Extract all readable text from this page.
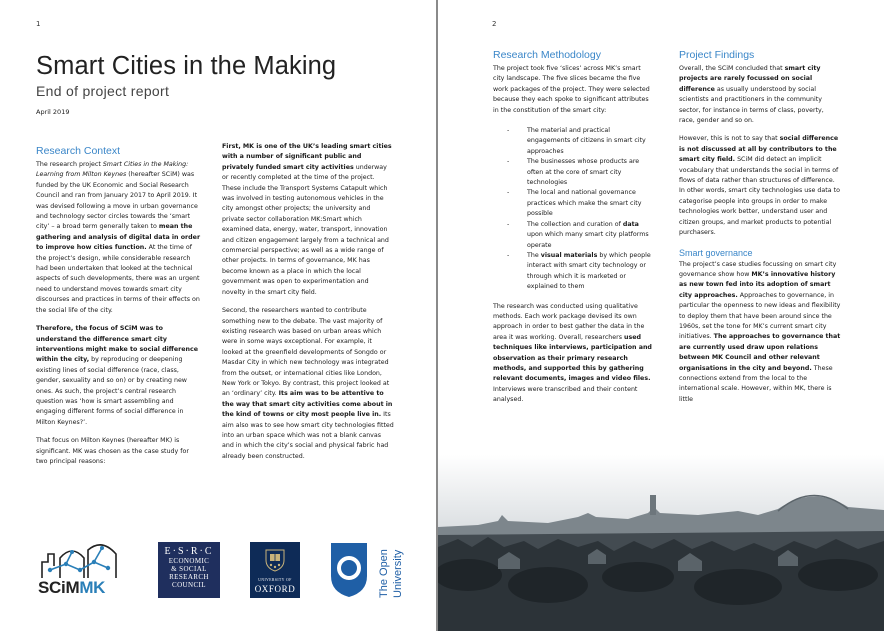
1
Smart Cities in the Making
End of project report
April 2019
Research Context

The research project Smart Cities in the Making: Learning from Milton Keynes (hereafter SCiM) was funded by the UK Economic and Social Research Council and ran from January 2017 to April 2019. It was devised following a move in urban governance and technology sector circles towards the ‘smart city’ – a broad term generally taken to mean the gathering and analysis of digital data in order to improve how cities function. At the time of the project’s design, while considerable research had been undertaken that looked at the technical aspects of such developments, there was an urgent need to understand moves towards smart city discourses and practices in terms of their effects on the social life of the city.

Therefore, the focus of SCiM was to understand the difference smart city interventions might make to social difference within the city, by reproducing or deepening existing lines of social difference (race, class, gender, sexuality and so on) or by creating new ones. As such, the project’s central research question was ‘how is smart assembling and engaging different forms of social difference in Milton Keynes?’.

That focus on Milton Keynes (hereafter MK) is significant. MK was chosen as the case study for two principal reasons:

First, MK is one of the UK’s leading smart cities with a number of significant public and privately funded smart city activities underway or recently completed at the time of the project. These include the Transport Systems Catapult which was involved in testing autonomous vehicles in the city amongst other projects; the university and private sector collaboration MK:Smart which examined data, energy, water, transport, innovation and citizen engagement largely from a technical and commercial perspective; as well as a wide range of other projects. In terms of governance, MK has become known as a place in which the local government was open to experimentation and novelty in the smart city field.

Second, the researchers wanted to contribute something new to the debate. The vast majority of existing research was based on urban areas which were in some ways exceptional. For example, it looked at the greenfield developments of Songdo or Masdar City in which new technology was integrated from the outset, or international cities like London, New York or Tokyo. By contrast, this project looked at an ‘ordinary’ city. Its aim was to be attentive to the way that smart city activities come about in the kind of towns or city most people live in. Its aim also was to see how smart city technologies fitted into an urban space which was not a blank canvas and in which the city’s social and physical fabric had already been constructed.

SCiMMK
E·S·R·C
ECONOMIC
& SOCIAL
RESEARCH
COUNCIL
UNIVERSITY OF
OXFORD	The Open University
2
Research Methodology

The project took five ‘slices’ across MK’s smart city landscape. The five slices became the five work packages of the project. They were selected because they each spoke to significant attributes in the constitution of the smart city:

-	The material and practical engagements of citizens in smart city approaches
-	The businesses whose products are often at the core of smart city technologies
-	The local and national governance practices which make the smart city possible
-	The collection and curation of data upon which many smart city platforms operate
-	The visual materials by which people interact with smart city technology or through which it is marketed or explained to them

The research was conducted using qualitative methods. Each work package devised its own approach in order to best gather the data in the area it was working. Overall, researchers used techniques like interviews, participation and observation as their primary research methods, and supported this by gathering relevant documents, images and video files. Interviews were transcribed and their content analysed.

Project Findings

Overall, the SCiM concluded that smart city projects are rarely focussed on social difference as usually understood by social scientists and practitioners in the community sector, for instance in terms of class, poverty, race, gender and so on.

However, this is not to say that social difference is not discussed at all by contributors to the smart city field. SCiM did detect an implicit vocabulary that understands the social in terms of flows of data rather than structures of difference. In other words, smart city technologies use data to categorise people into groups in order to make technologies work better, understand user and citizen groups, and market products to potential purchasers.

Smart governance

The project’s case studies focussing on smart city governance show how MK’s innovative history as new town fed into its adoption of smart city approaches. Approaches to governance, in particular the openness to new ideas and flexibility to deploy them that have been around since the 1960s, set the tone for MK’s current smart city initiatives. The approaches to governance that are currently used draw upon relations between MK Council and other relevant organisations in the city and beyond. These connections extend from the local to the international scale. However, within MK, there is little
